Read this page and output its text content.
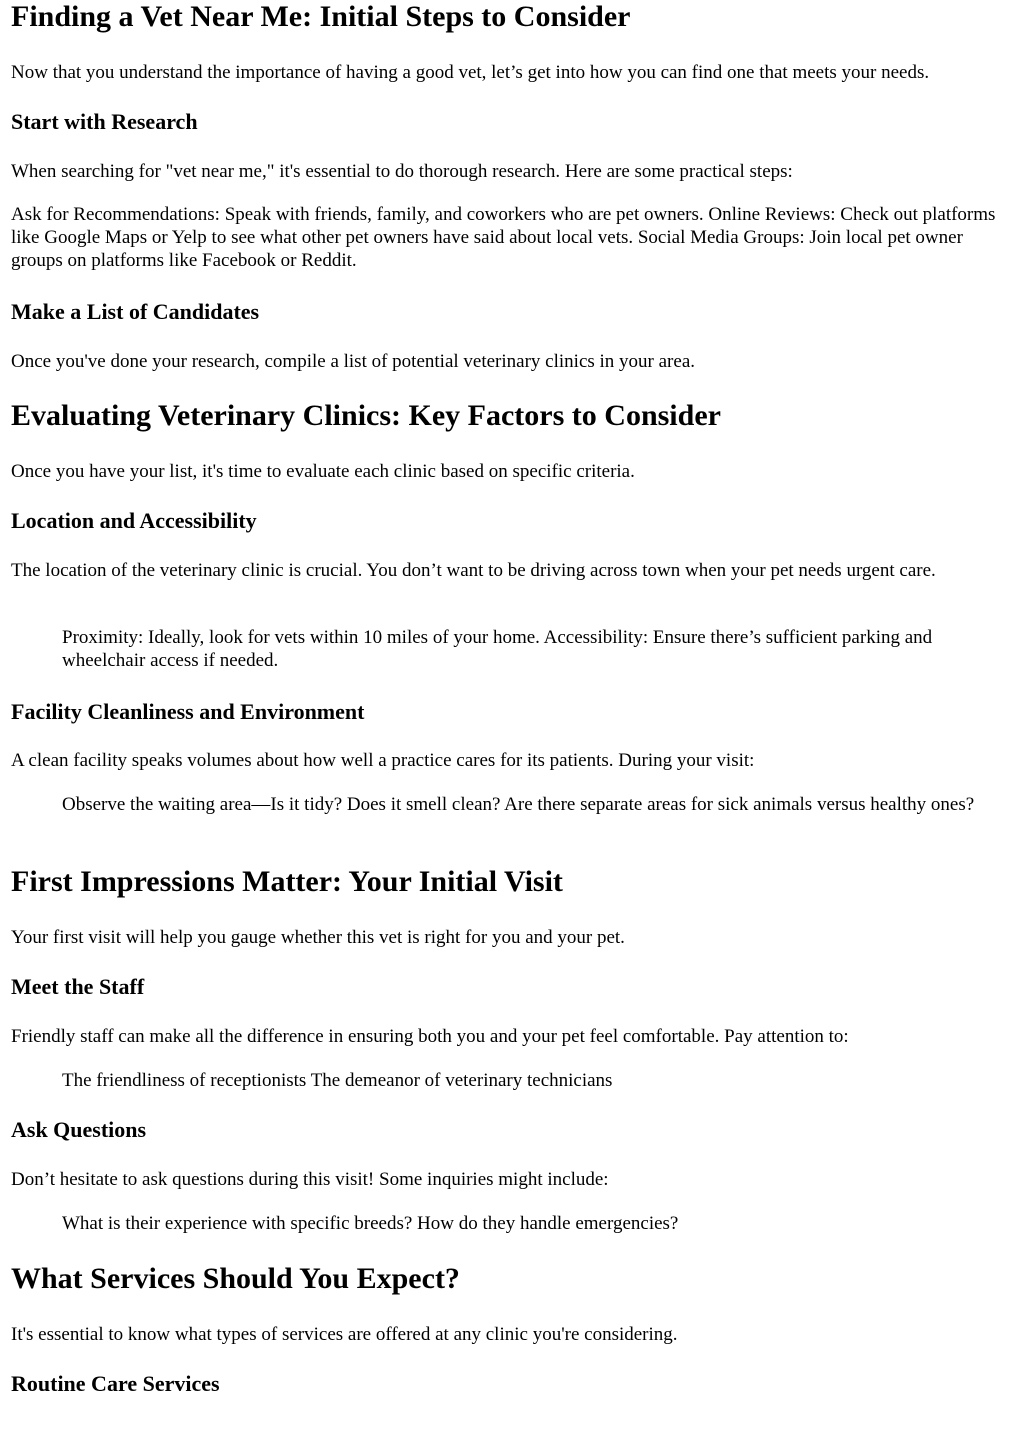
Finding a Vet Near Me: Initial Steps to Consider

Now that you understand the importance of having a good vet, let’s get into how you can find one that meets your needs.

Start with Research

When searching for "vet near me," it's essential to do thorough research. Here are some practical steps:

Ask for Recommendations: Speak with friends, family, and coworkers who are pet owners. Online Reviews: Check out platforms like Google Maps or Yelp to see what other pet owners have said about local vets. Social Media Groups: Join local pet owner groups on platforms like Facebook or Reddit.

Make a List of Candidates

Once you've done your research, compile a list of potential veterinary clinics in your area.

Evaluating Veterinary Clinics: Key Factors to Consider

Once you have your list, it's time to evaluate each clinic based on specific criteria.

Location and Accessibility

The location of the veterinary clinic is crucial. You don’t want to be driving across town when your pet needs urgent care.

Proximity: Ideally, look for vets within 10 miles of your home. Accessibility: Ensure there’s sufficient parking and wheelchair access if needed.

Facility Cleanliness and Environment

A clean facility speaks volumes about how well a practice cares for its patients. During your visit:

Observe the waiting area—Is it tidy? Does it smell clean? Are there separate areas for sick animals versus healthy ones?

First Impressions Matter: Your Initial Visit

Your first visit will help you gauge whether this vet is right for you and your pet.

Meet the Staff

Friendly staff can make all the difference in ensuring both you and your pet feel comfortable. Pay attention to:

The friendliness of receptionists The demeanor of veterinary technicians

Ask Questions

Don’t hesitate to ask questions during this visit! Some inquiries might include:

What is their experience with specific breeds? How do they handle emergencies?

What Services Should You Expect?

It's essential to know what types of services are offered at any clinic you're considering.

Routine Care Services
